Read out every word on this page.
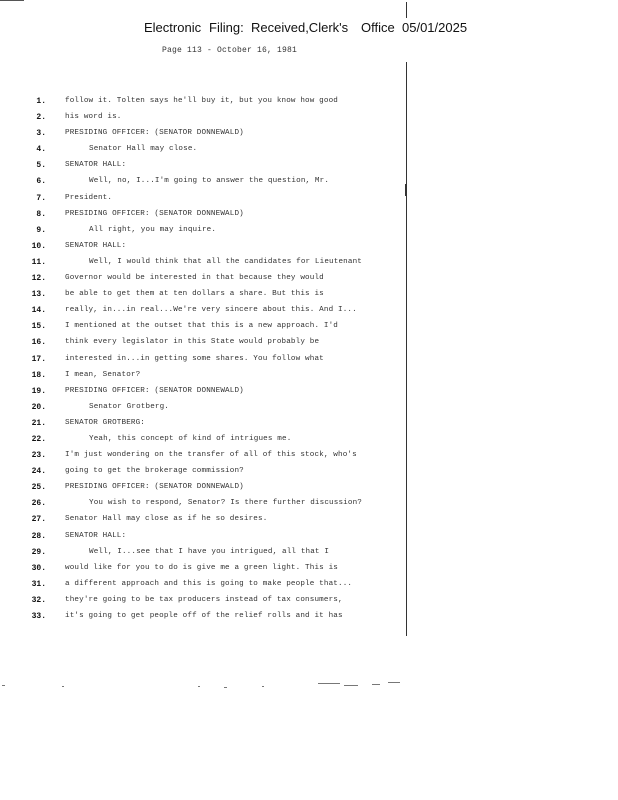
Electronic Filing: Received,Clerk's Office 05/01/2025
Page 113 - October 16, 1981
1.	follow it. Tolten says he'll buy it, but you know how good
2.	his word is.
3.	PRESIDING OFFICER: (SENATOR DONNEWALD)
4.	Senator Hall may close.
5.	SENATOR HALL:
6.	Well, no, I...I'm going to answer the question, Mr.
7.	President.
8.	PRESIDING OFFICER: (SENATOR DONNEWALD)
9.	All right, you may inquire.
10.	SENATOR HALL:
11.	Well, I would think that all the candidates for Lieutenant
12.	Governor would be interested in that because they would
13.	be able to get them at ten dollars a share. But this is
14.	really, in...in real...We're very sincere about this. And I...
15.	I mentioned at the outset that this is a new approach. I'd
16.	think every legislator in this State would probably be
17.	interested in...in getting some shares. You follow what
18.	I mean, Senator?
19.	PRESIDING OFFICER: (SENATOR DONNEWALD)
20.	Senator Grotberg.
21.	SENATOR GROTBERG:
22.	Yeah, this concept of kind of intrigues me.
23.	I'm just wondering on the transfer of all of this stock, who's
24.	going to get the brokerage commission?
25.	PRESIDING OFFICER: (SENATOR DONNEWALD)
26.	You wish to respond, Senator? Is there further discussion?
27.	Senator Hall may close as if he so desires.
28.	SENATOR HALL:
29.	Well, I...see that I have you intrigued, all that I
30.	would like for you to do is give me a green light. This is
31.	a different approach and this is going to make people that...
32.	they're going to be tax producers instead of tax consumers,
33.	it's going to get people off of the relief rolls and it has
